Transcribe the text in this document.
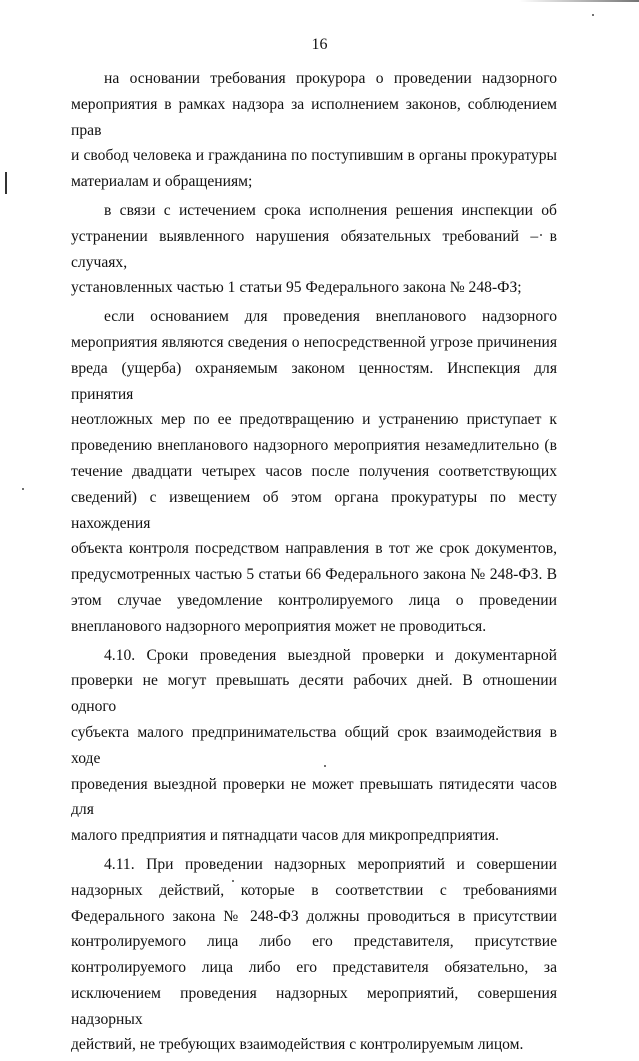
16
на основании требования прокурора о проведении надзорного
мероприятия в рамках надзора за исполнением законов, соблюдением прав
и свобод человека и гражданина по поступившим в органы прокуратуры
материалам и обращениям;
в связи с истечением срока исполнения решения инспекции об
устранении выявленного нарушения обязательных требований – в случаях,
установленных частью 1 статьи 95 Федерального закона № 248-ФЗ;
если основанием для проведения внепланового надзорного
мероприятия являются сведения о непосредственной угрозе причинения
вреда (ущерба) охраняемым законом ценностям. Инспекция для принятия
неотложных мер по ее предотвращению и устранению приступает к
проведению внепланового надзорного мероприятия незамедлительно (в
течение двадцати четырех часов после получения соответствующих
сведений) с извещением об этом органа прокуратуры по месту нахождения
объекта контроля посредством направления в тот же срок документов,
предусмотренных частью 5 статьи 66 Федерального закона № 248-ФЗ. В
этом случае уведомление контролируемого лица о проведении
внепланового надзорного мероприятия может не проводиться.
4.10. Сроки проведения выездной проверки и документарной
проверки не могут превышать десяти рабочих дней. В отношении одного
субъекта малого предпринимательства общий срок взаимодействия в ходе
проведения выездной проверки не может превышать пятидесяти часов для
малого предприятия и пятнадцати часов для микропредприятия.
4.11. При проведении надзорных мероприятий и совершении
надзорных действий, которые в соответствии с требованиями
Федерального закона № 248-ФЗ должны проводиться в присутствии
контролируемого лица либо его представителя, присутствие
контролируемого лица либо его представителя обязательно, за
исключением проведения надзорных мероприятий, совершения надзорных
действий, не требующих взаимодействия с контролируемым лицом.
